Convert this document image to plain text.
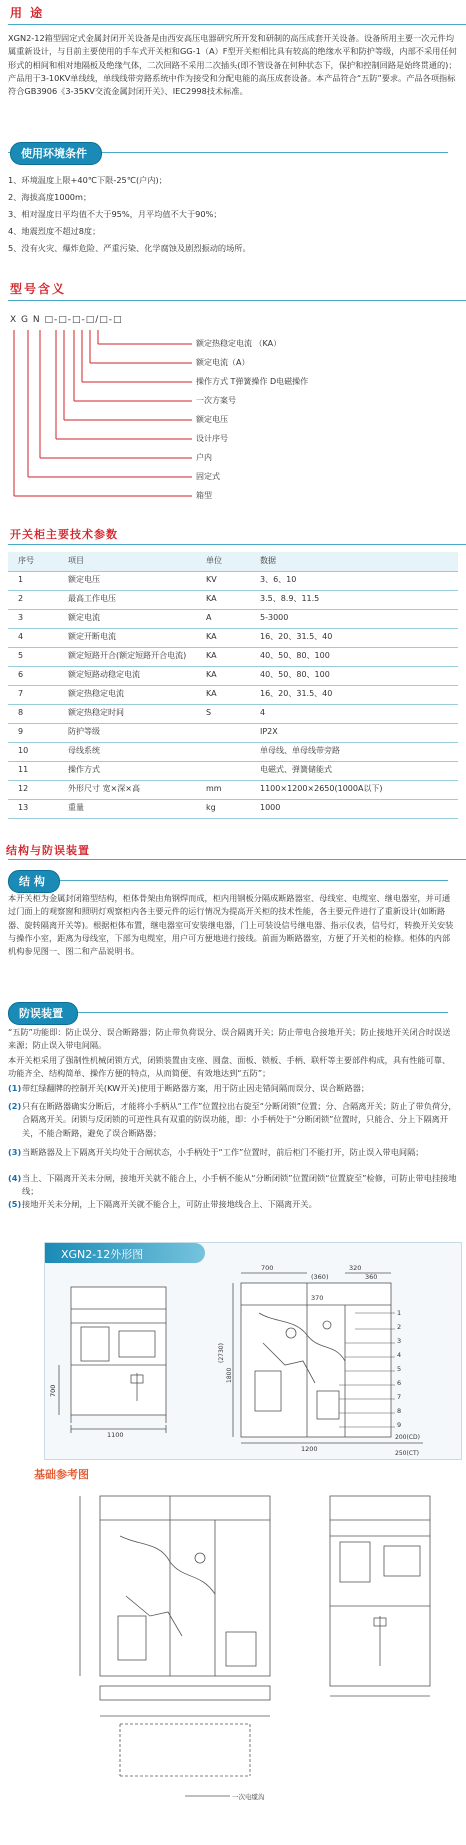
用 途
XGN2-12箱型固定式金属封闭开关设备是由西安高压电器研究所开发和研制的高压成套开关设备。设备所用主要一次元件均属重新设计，与目前主要使用的手车式开关柜和GG-1（A）F型开关柜相比具有较高的绝缘水平和防护等级，内部不采用任何形式的相间和相对地隔板及绝缘气体，二次回路不采用二次插头(即不管设备在何种状态下，保护和控制回路是始终贯通的)；产品用于3-10KV单线线，单线线带旁路系统中作为接受和分配电能的高压成套设备。本产品符合“五防”要求。产品各项指标符合GB3906《3-35KV交流金属封闭开关》、IEC2998技术标准。
使用环境条件
1、环境温度上限+40℃下限-25℃(户内)；
2、海拔高度1000m；
3、相对湿度日平均值不大于95%，月平均值不大于90%；
4、地震烈度不超过8度；
5、没有火灾、爆炸危险、严重污染、化学腐蚀及剧烈振动的场所。
型号含义
X G N □-□-□-□/□-□
额定热稳定电流 （KA）
额定电流（A）
操作方式 T弹簧操作 D电磁操作
一次方案号
额定电压
设计序号
户内
固定式
箱型
开关柜主要技术参数
序号	项目	单位	数据
1	额定电压	KV	3、6、10
2	最高工作电压	KA	3.5、8.9、11.5
3	额定电流	A	5-3000
4	额定开断电流	KA	16、20、31.5、40
5	额定短路开合(额定短路开合电流)	KA	40、50、80、100
6	额定短路动稳定电流	KA	40、50、80、100
7	额定热稳定电流	KA	16、20、31.5、40
8	额定热稳定时间	S	4
9	防护等级		IP2X
10	母线系统		单母线、单母线带旁路
11	操作方式		电磁式、弹簧储能式
12	外形尺寸 宽×深×高	mm	1100×1200×2650(1000A以下)
13	重量	kg	1000
结构与防误装置
结 构
本开关柜为金属封闭箱型结构，柜体骨架由角钢焊而成，柜内用钢板分隔成断路器室、母线室、电缆室、继电器室，并可通过门面上的观察窗和照明灯观察柜内各主要元件的运行情况为提高开关柜的技术性能，各主要元件进行了重新设计(如断路器、旋转隔离开关等)。根据柜体布置，继电器室可安装继电器，门上可装设信号继电器、指示仪表，信号灯，转换开关安装与操作小室，距离为母线室，下部为电缆室，用户可方便地进行接线。前面为断路器室，方便了开关柜的检修。柜体的内部机构参见图一、图二和产品说明书。
防误装置
“五防”功能即：防止误分、误合断路器；防止带负荷误分、误合隔离开关；防止带电合接地开关；防止接地开关闭合时误送来源；防止误入带电间隔。
本开关柜采用了强制性机械闭锁方式，闭锁装置由支座、圆盘、面板、锁板、手柄、联杆等主要部件构成，具有性能可靠、功能齐全、结构简单、操作方便的特点，从而简便、有效地达到“五防”；
(1) 带红绿翻牌的控制开关(KW开关)使用于断路器方案，用于防止因走错间隔而误分、误合断路器；
(2) 只有在断路器确实分断后，才能将小手柄从“工作”位置拉出右旋至“分断闭锁”位置；分、合隔离开关；防止了带负荷分，合隔离开关。闭锁与反闭锁的可逆性具有双重的防误功能，即：小手柄处于“分断闭锁”位置时，只能合、分上下隔离开关，不能合断路，避免了误合断路器；
(3) 当断路器及上下隔离开关均处于合闸状态，小手柄处于“工作”位置时，前后柜门不能打开，防止误入带电间隔；
(4) 当上、下隔离开关未分闸，接地开关就不能合上，小手柄不能从“分断闭锁”位置闭锁“位置旋至”检修，可防止带电挂接地线；
(5) 接地开关未分闸，上下隔离开关就不能合上，可防止带接地线合上、下隔离开关。
XGN2-12外形图
1100
700
1
2
3
4
5
6
7
8
9
700	320
(360)	360
370
1200
200(CD)
250(CT)
1800
(2730)
基础参考图
一次电缆沟
